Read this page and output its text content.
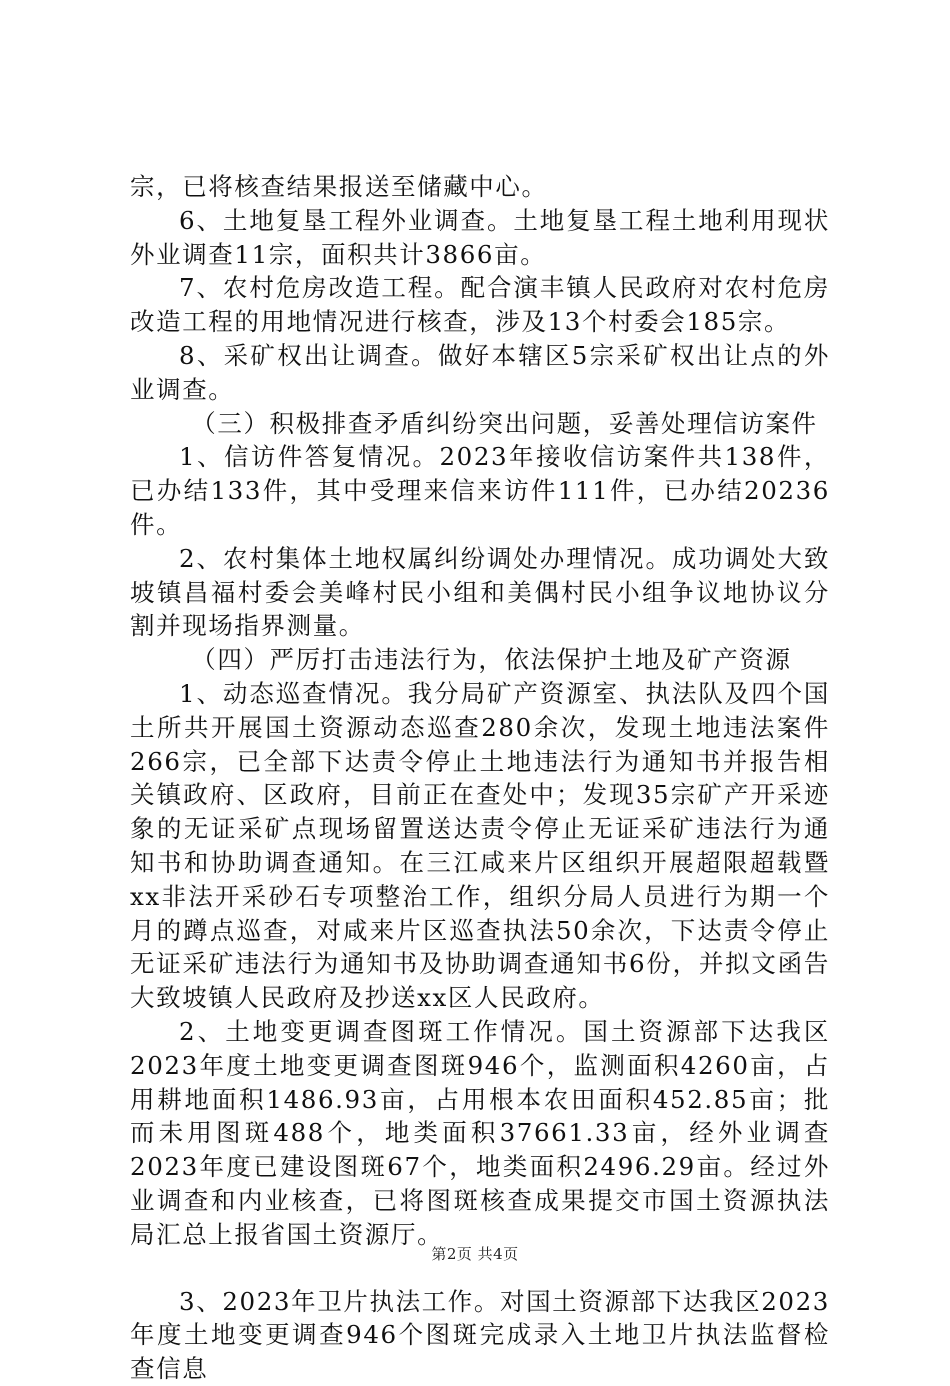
宗，已将核查结果报送至储藏中心。

6、土地复垦工程外业调查。土地复垦工程土地利用现状外业调查11宗，面积共计3866亩。

7、农村危房改造工程。配合演丰镇人民政府对农村危房改造工程的用地情况进行核查，涉及13个村委会185宗。

8、采矿权出让调查。做好本辖区5宗采矿权出让点的外业调查。

（三）积极排查矛盾纠纷突出问题，妥善处理信访案件

1、信访件答复情况。2023年接收信访案件共138件，已办结133件，其中受理来信来访件111件，已办结20236件。

2、农村集体土地权属纠纷调处办理情况。成功调处大致坡镇昌福村委会美峰村民小组和美偶村民小组争议地协议分割并现场指界测量。

（四）严厉打击违法行为，依法保护土地及矿产资源

1、动态巡查情况。我分局矿产资源室、执法队及四个国土所共开展国土资源动态巡查280余次，发现土地违法案件266宗，已全部下达责令停止土地违法行为通知书并报告相关镇政府、区政府，目前正在查处中；发现35宗矿产开采迹象的无证采矿点现场留置送达责令停止无证采矿违法行为通知书和协助调查通知。在三江咸来片区组织开展超限超载暨xx非法开采砂石专项整治工作，组织分局人员进行为期一个月的蹲点巡查，对咸来片区巡查执法50余次，下达责令停止无证采矿违法行为通知书及协助调查通知书6份，并拟文函告大致坡镇人民政府及抄送xx区人民政府。

2、土地变更调查图斑工作情况。国土资源部下达我区2023年度土地变更调查图斑946个，监测面积4260亩，占用耕地面积1486.93亩，占用根本农田面积452.85亩；批而未用图斑488个，地类面积37661.33亩，经外业调查2023年度已建设图斑67个，地类面积2496.29亩。经过外业调查和内业核查，已将图斑核查成果提交市国土资源执法局汇总上报省国土资源厅。

3、2023年卫片执法工作。对国土资源部下达我区2023年度土地变更调查946个图斑完成录入土地卫片执法监督检查信息

第2页 共4页
